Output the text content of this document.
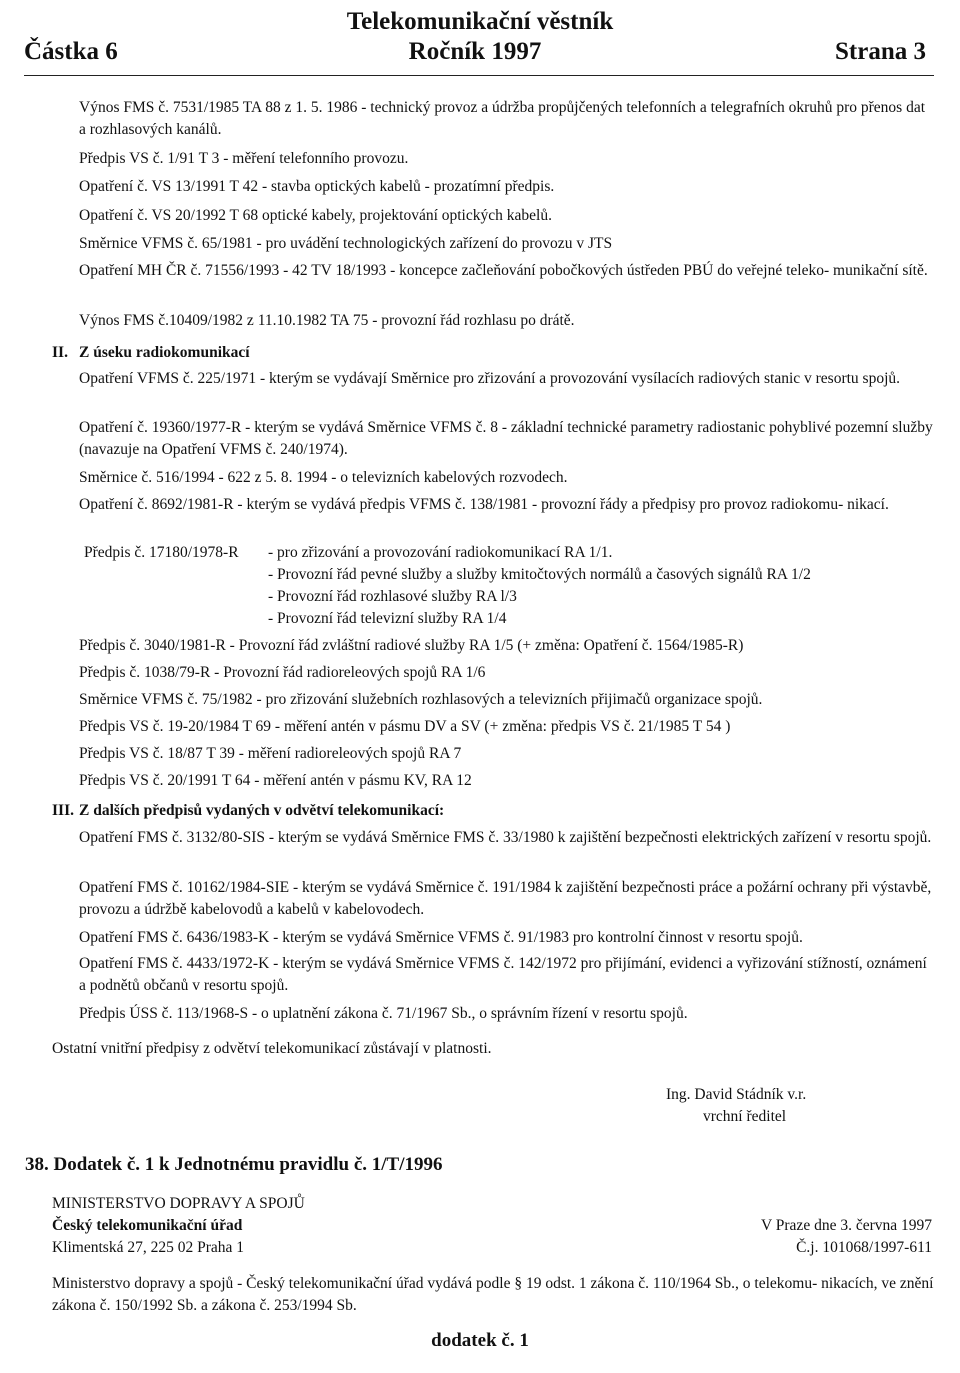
Telekomunikační věstník
Částka 6	Ročník 1997	Strana 3
Výnos FMS č. 7531/1985 TA 88 z 1. 5. 1986 - technický provoz a údržba propůjčených telefonních a telegrafních okruhů pro přenos dat a rozhlasových kanálů.
Předpis VS č. 1/91 T 3 - měření telefonního provozu.
Opatření č. VS 13/1991 T 42 - stavba optických kabelů - prozatímní předpis.
Opatření č. VS 20/1992 T 68 optické kabely, projektování optických kabelů.
Směrnice VFMS č. 65/1981 - pro uvádění technologických zařízení do provozu v JTS
Opatření MH ČR č. 71556/1993 - 42 TV 18/1993 - koncepce začleňování pobočkových ústředen PBÚ do veřejné teleko- munikační sítě.
Výnos FMS č.10409/1982 z 11.10.1982 TA 75 - provozní řád rozhlasu po drátě.
II. Z úseku radiokomunikací
Opatření VFMS č. 225/1971 - kterým se vydávají Směrnice pro zřizování a provozování vysílacích radiových stanic v resortu spojů.
Opatření č. 19360/1977-R - kterým se vydává Směrnice VFMS č. 8 - základní technické parametry radiostanic pohyblivé pozemní služby (navazuje na Opatření VFMS č. 240/1974).
Směrnice č. 516/1994 - 622 z 5. 8. 1994 - o televizních kabelových rozvodech.
Opatření č. 8692/1981-R - kterým se vydává předpis VFMS č. 138/1981 - provozní řády a předpisy pro provoz radiokomu- nikací.
Předpis č. 17180/1978-R - pro zřizování a provozování radiokomunikací RA 1/1.
- Provozní řád pevné služby a služby kmitočtových normálů a časových signálů RA 1/2
- Provozní řád rozhlasové služby RA l/3
- Provozní řád televizní služby RA 1/4
Předpis č. 3040/1981-R - Provozní řád zvláštní radiové služby RA 1/5 (+ změna: Opatření č. 1564/1985-R)
Předpis č. 1038/79-R - Provozní řád radioreleových spojů RA 1/6
Směrnice VFMS č. 75/1982 - pro zřizování služebních rozhlasových a televizních přijimačů organizace spojů.
Předpis VS č. 19-20/1984 T 69 - měření antén v pásmu DV a SV (+ změna: předpis VS č. 21/1985 T 54 )
Předpis VS č. 18/87 T 39 - měření radioreleových spojů RA 7
Předpis VS č. 20/1991 T 64 - měření antén v pásmu KV, RA 12
III. Z dalších předpisů vydaných v odvětví telekomunikací:
Opatření FMS č. 3132/80-SIS - kterým se vydává Směrnice FMS č. 33/1980 k zajištění bezpečnosti elektrických zařízení v resortu spojů.
Opatření FMS č. 10162/1984-SIE - kterým se vydává Směrnice č. 191/1984 k zajištění bezpečnosti práce a požární ochrany při výstavbě, provozu a údržbě kabelovodů a kabelů v kabelovodech.
Opatření FMS č. 6436/1983-K - kterým se vydává Směrnice VFMS č. 91/1983 pro kontrolní činnost v resortu spojů.
Opatření FMS č. 4433/1972-K - kterým se vydává Směrnice VFMS č. 142/1972 pro přijímání, evidenci a vyřizování stížností, oznámení a podnětů občanů v resortu spojů.
Předpis ÚSS č. 113/1968-S - o uplatnění zákona č. 71/1967 Sb., o správním řízení v resortu spojů.
Ostatní vnitřní předpisy z odvětví telekomunikací zůstávají v platnosti.
Ing. David Stádník v.r.
vrchní ředitel
38. Dodatek č. 1 k Jednotnému pravidlu č. 1/T/1996
MINISTERSTVO DOPRAVY A SPOJŮ
Český telekomunikační úřad	V Praze dne 3. června 1997
Klimentská 27, 225 02 Praha 1	Č.j. 101068/1997-611
Ministerstvo dopravy a spojů - Český telekomunikační úřad vydává podle § 19 odst. 1 zákona č. 110/1964 Sb., o telekomu- nikacích, ve znění zákona č. 150/1992 Sb. a zákona č. 253/1994 Sb.
dodatek č. 1
